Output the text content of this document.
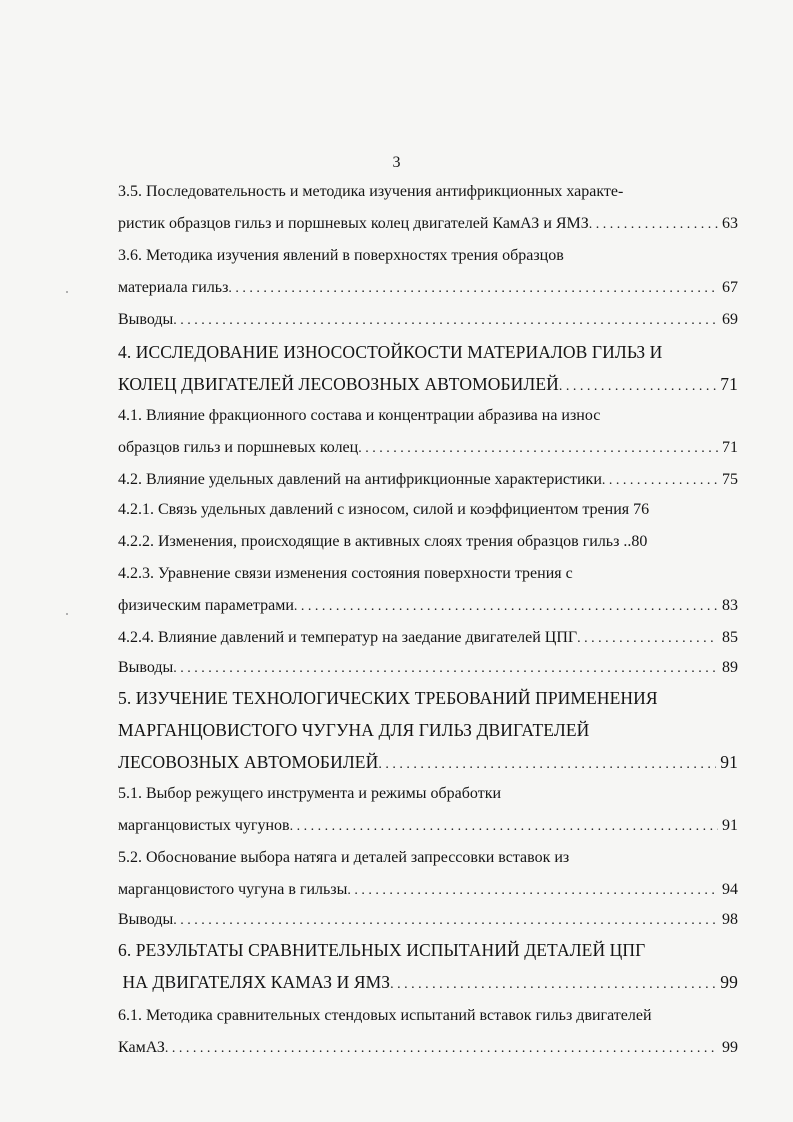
3
3.5. Последовательность и методика изучения антифрикционных характе-
ристик образцов гильз и поршневых колец двигателей КамАЗ и ЯМЗ . . .	63
3.6. Методика изучения явлений в поверхностях трения образцов
материала гильз . . .	67
Выводы . . .	69
4. ИССЛЕДОВАНИЕ ИЗНОСОСТОЙКОСТИ МАТЕРИАЛОВ ГИЛЬЗ И
КОЛЕЦ ДВИГАТЕЛЕЙ ЛЕСОВОЗНЫХ АВТОМОБИЛЕЙ . . .	71
4.1. Влияние фракционного состава и концентрации абразива на износ
образцов гильз и поршневых колец . . .	71
4.2. Влияние удельных давлений на антифрикционные характеристики . . .	75
4.2.1. Связь удельных давлений с износом, силой и коэффициентом трения 76
4.2.2. Изменения, происходящие в активных слоях трения образцов гильз ..80
4.2.3. Уравнение связи изменения состояния поверхности трения с
физическим параметрами . . .	83
4.2.4. Влияние давлений и температур на заедание двигателей ЦПГ . . .	85
Выводы . . .	89
5. ИЗУЧЕНИЕ ТЕХНОЛОГИЧЕСКИХ ТРЕБОВАНИЙ ПРИМЕНЕНИЯ
МАРГАНЦОВИСТОГО ЧУГУНА ДЛЯ ГИЛЬЗ ДВИГАТЕЛЕЙ
ЛЕСОВОЗНЫХ АВТОМОБИЛЕЙ . . .	91
5.1. Выбор режущего инструмента и режимы обработки
марганцовистых чугунов . . .	91
5.2. Обоснование выбора натяга и деталей запрессовки вставок из
марганцовистого чугуна в гильзы . . .	94
Выводы . . .	98
6. РЕЗУЛЬТАТЫ СРАВНИТЕЛЬНЫХ ИСПЫТАНИЙ ДЕТАЛЕЙ ЦПГ
НА ДВИГАТЕЛЯХ КАМАЗ И ЯМЗ . . .	99
6.1. Методика сравнительных стендовых испытаний вставок гильз двигателей
КамАЗ . . .	99
